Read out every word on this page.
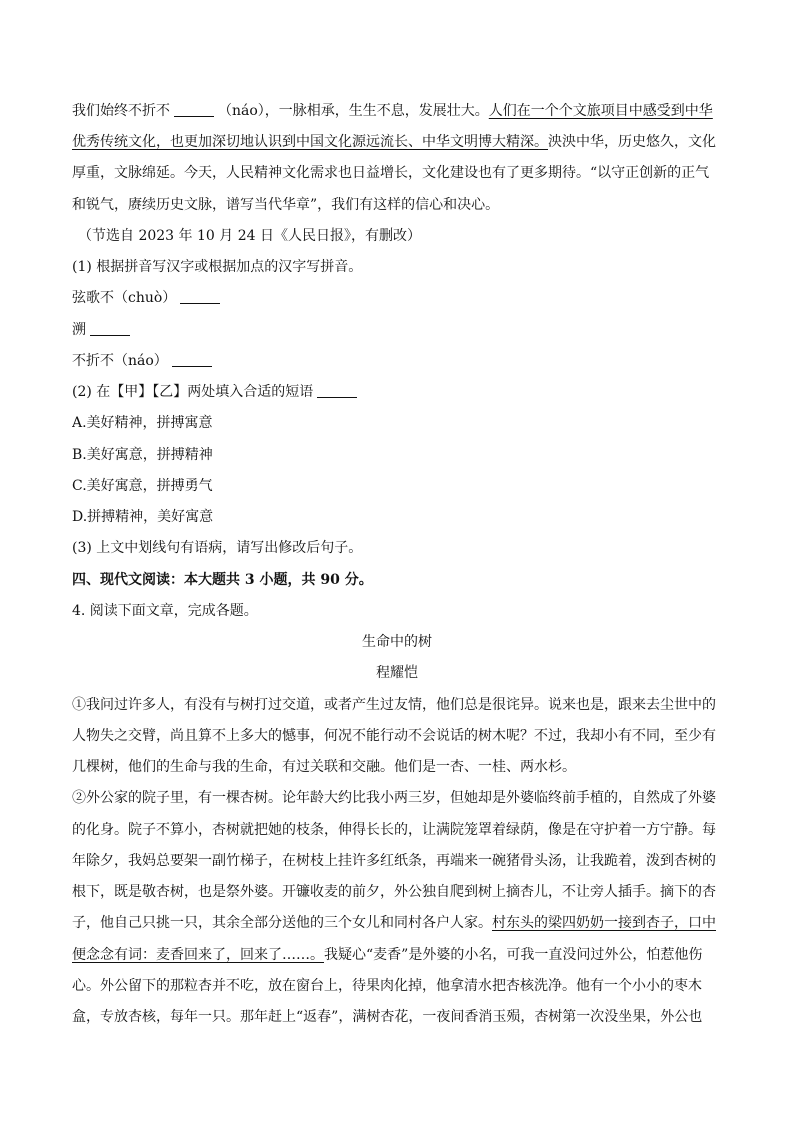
我们始终不折不	（náo），一脉相承，生生不息，发展壮大。人们在一个个文旅项目中感受到中华
优秀传统文化，也更加深切地认识到中国文化源远流长、中华文明博大精深。泱泱中华，历史悠久，文化
厚重，文脉绵延。今天，人民精神文化需求也日益增长，文化建设也有了更多期待。“以守正创新的正气
和锐气，赓续历史文脉，谱写当代华章”，我们有这样的信心和决心。
（节选自 2023 年 10 月 24 日《人民日报》，有删改）
(1) 根据拼音写汉字或根据加点的汉字写拼音。
弦歌不（chuò）
溯
不折不（náo）
(2) 在【甲】【乙】两处填入合适的短语
A.美好精神，拼搏寓意
B.美好寓意，拼搏精神
C.美好寓意，拼搏勇气
D.拼搏精神，美好寓意
(3) 上文中划线句有语病，请写出修改后句子。
四、现代文阅读：本大题共 3 小题，共 90 分。
4. 阅读下面文章，完成各题。
生命中的树
程耀恺
①我问过许多人，有没有与树打过交道，或者产生过友情，他们总是很诧异。说来也是，跟来去尘世中的
人物失之交臂，尚且算不上多大的憾事，何况不能行动不会说话的树木呢？不过，我却小有不同，至少有
几棵树，他们的生命与我的生命，有过关联和交融。他们是一杏、一桂、两水杉。
②外公家的院子里，有一棵杏树。论年龄大约比我小两三岁，但她却是外婆临终前手植的，自然成了外婆
的化身。院子不算小，杏树就把她的枝条，伸得长长的，让满院笼罩着绿荫，像是在守护着一方宁静。每
年除夕，我妈总要架一副竹梯子，在树枝上挂许多红纸条，再端来一碗猪骨头汤，让我跪着，泼到杏树的
根下，既是敬杏树，也是祭外婆。开镰收麦的前夕，外公独自爬到树上摘杏儿，不让旁人插手。摘下的杏
子，他自己只挑一只，其余全部分送他的三个女儿和同村各户人家。村东头的梁四奶奶一接到杏子，口中
便念念有词：麦香回来了，回来了……。我疑心“麦香”是外婆的小名，可我一直没问过外公，怕惹他伤
心。外公留下的那粒杏并不吃，放在窗台上，待果肉化掉，他拿清水把杏核洗净。他有一个小小的枣木
盒，专放杏核，每年一只。那年赶上“返春”，满树杏花，一夜间香消玉殒，杏树第一次没坐果，外公也
